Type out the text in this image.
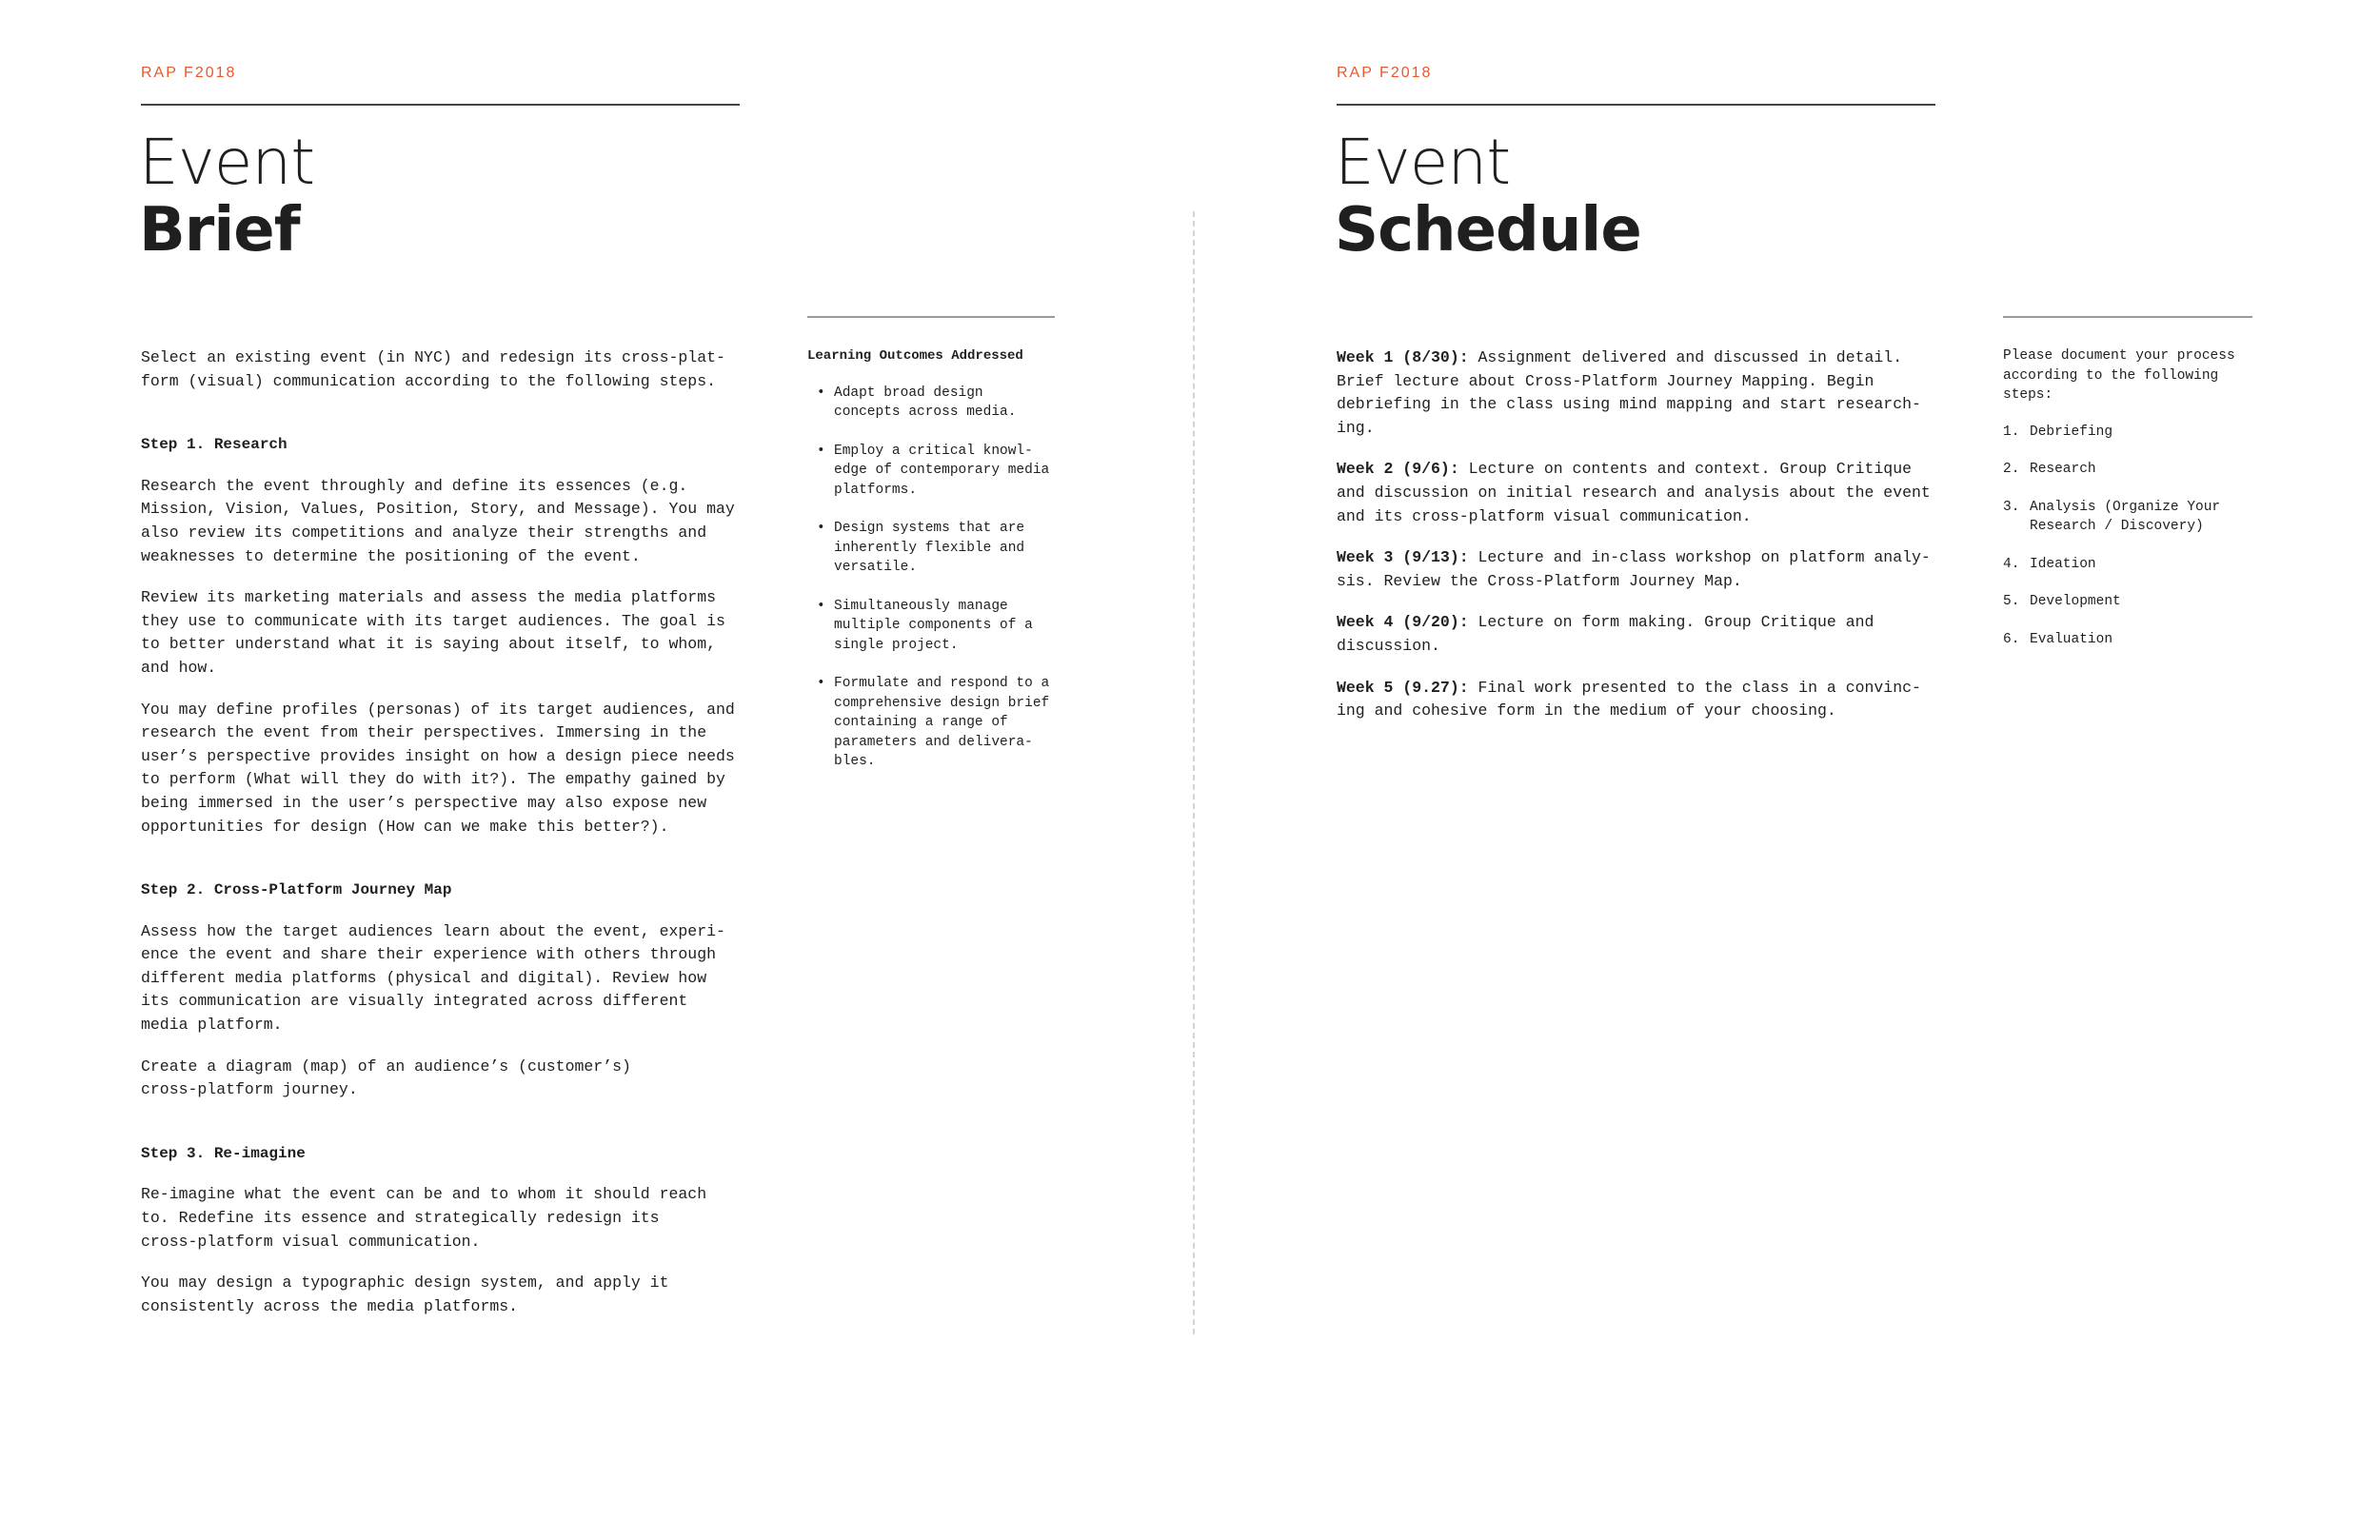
RAP F2018
Event
Brief

Select an existing event (in NYC) and redesign its cross-plat-
form (visual) communication according to the following steps.

Step 1. Research

Research the event throughly and define its essences (e.g.
Mission, Vision, Values, Position, Story, and Message). You may
also review its competitions and analyze their strengths and
weaknesses to determine the positioning of the event.

Review its marketing materials and assess the media platforms
they use to communicate with its target audiences. The goal is
to better understand what it is saying about itself, to whom,
and how.

You may define profiles (personas) of its target audiences, and
research the event from their perspectives. Immersing in the
user’s perspective provides insight on how a design piece needs
to perform (What will they do with it?). The empathy gained by
being immersed in the user’s perspective may also expose new
opportunities for design (How can we make this better?).

Step 2. Cross-Platform Journey Map

Assess how the target audiences learn about the event, experi-
ence the event and share their experience with others through
different media platforms (physical and digital). Review how
its communication are visually integrated across different
media platform.

Create a diagram (map) of an audience’s (customer’s)
cross-platform journey.

Step 3. Re-imagine

Re-imagine what the event can be and to whom it should reach
to. Redefine its essence and strategically redesign its
cross-platform visual communication.

You may design a typographic design system, and apply it
consistently across the media platforms.

Learning Outcomes Addressed
• Adapt broad design
concepts across media.
• Employ a critical knowl-
edge of contemporary media
platforms.
• Design systems that are
inherently flexible and
versatile.
• Simultaneously manage
multiple components of a
single project.
• Formulate and respond to a
comprehensive design brief
containing a range of
parameters and delivera-
bles.
RAP F2018
Event
Schedule

Week 1 (8/30): Assignment delivered and discussed in detail.
Brief lecture about Cross-Platform Journey Mapping. Begin
debriefing in the class using mind mapping and start research-
ing.

Week 2 (9/6): Lecture on contents and context. Group Critique
and discussion on initial research and analysis about the event
and its cross-platform visual communication.

Week 3 (9/13): Lecture and in-class workshop on platform analy-
sis. Review the Cross-Platform Journey Map.

Week 4 (9/20): Lecture on form making. Group Critique and
discussion.

Week 5 (9.27): Final work presented to the class in a convinc-
ing and cohesive form in the medium of your choosing.

Please document your process
according to the following
steps:

1. Debriefing
2. Research
3. Analysis (Organize Your
Research / Discovery)
4. Ideation
5. Development
6. Evaluation
